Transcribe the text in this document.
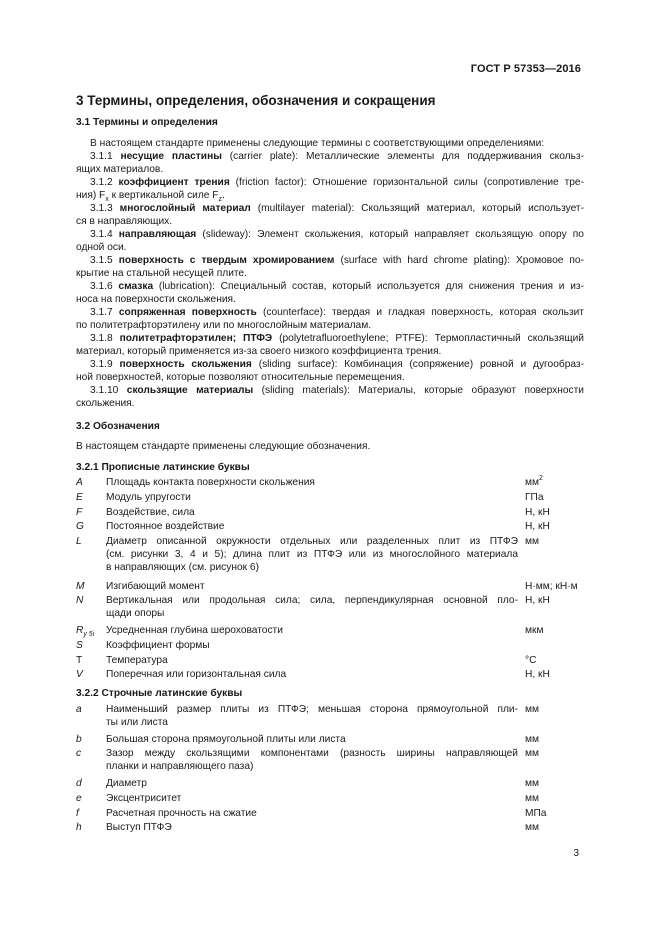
ГОСТ Р 57353—2016
3 Термины, определения, обозначения и сокращения
3.1 Термины и определения

В настоящем стандарте применены следующие термины с соответствующими определениями:

3.1.1 несущие пластины (carrier plate): Металлические элементы для поддерживания скольз-
ящих материалов.

3.1.2 коэффициент трения (friction factor): Отношение горизонтальной силы (сопротивление тре-
ния) $F_x$ к вертикальной силе $F_z$.

3.1.3 многослойный материал (multilayer material): Скользящий материал, который использует-
ся в направляющих.

3.1.4 направляющая (slideway): Элемент скольжения, который направляет скользящую опору по
одной оси.

3.1.5 поверхность с твердым хромированием (surface with hard chrome plating): Хромовое по-
крытие на стальной несущей плите.

3.1.6 смазка (lubrication): Специальный состав, который используется для снижения трения и из-
носа на поверхности скольжения.

3.1.7 сопряженная поверхность (counterface): твердая и гладкая поверхность, которая скользит
по политетрафторэтилену или по многослойным материалам.

3.1.8 политетрафторэтилен; ПТФЭ (polytetrafluoroethylene; PTFE): Термопластичный скользящий
материал, который применяется из-за своего низкого коэффициента трения.

3.1.9 поверхность скольжения (sliding surface): Комбинация (сопряжение) ровной и дугообраз-
ной поверхностей, которые позволяют относительные перемещения.

3.1.10 скользящие материалы (sliding materials): Материалы, которые образуют поверхности
скольжения.

3.2 Обозначения
В настоящем стандарте применены следующие обозначения.
3.2.1 Прописные латинские буквы
A	Площадь контакта поверхности скольжения	$мм^2$
E	Модуль упругости	ГПа
F	Воздействие, сила	Н, кН
G	Постоянное воздействие	Н, кН
L	Диаметр описанной окружности отдельных или разделенных плит из ПТФЭ
(см. рисунки 3, 4 и 5); длина плит из ПТФЭ или из многослойного материала
в направляющих (см. рисунок 6)
мм
M	Изгибающий момент	Н·мм; кН·м
N	Вертикальная или продольная сила; сила, перпендикулярная основной пло-
щади опоры
Н, кН
$R_{y 5i}$	Усредненная глубина шероховатости	мкм
S	Коэффициент формы
T	Температура	°C
V	Поперечная или горизонтальная сила	Н, кН
3.2.2 Строчные латинские буквы
a	Наименьший размер плиты из ПТФЭ; меньшая сторона прямоугольной пли-
ты или листа
мм
b	Большая сторона прямоугольной плиты или листа	мм
c	Зазор между скользящими компонентами (разность ширины направляющей
планки и направляющего паза)
мм
d	Диаметр	мм
e	Эксцентриситет	мм
f	Расчетная прочность на сжатие	МПа
h	Выступ ПТФЭ	мм
3
